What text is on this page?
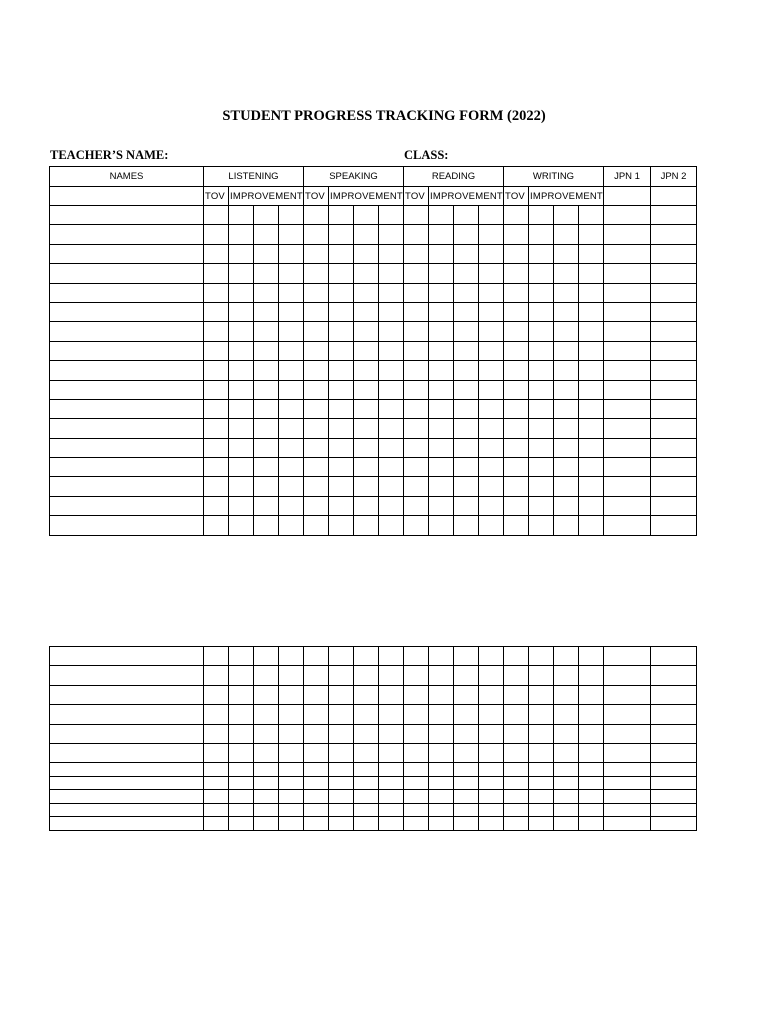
STUDENT PROGRESS TRACKING FORM (2022)
TEACHER’S NAME:	CLASS:
NAMES	LISTENING				SPEAKING				READING				WRITING				JPN 1	JPN 2
	TOV	IMPROVEMENT			TOV	IMPROVEMENT			TOV	IMPROVEMENT			TOV	IMPROVEMENT				
